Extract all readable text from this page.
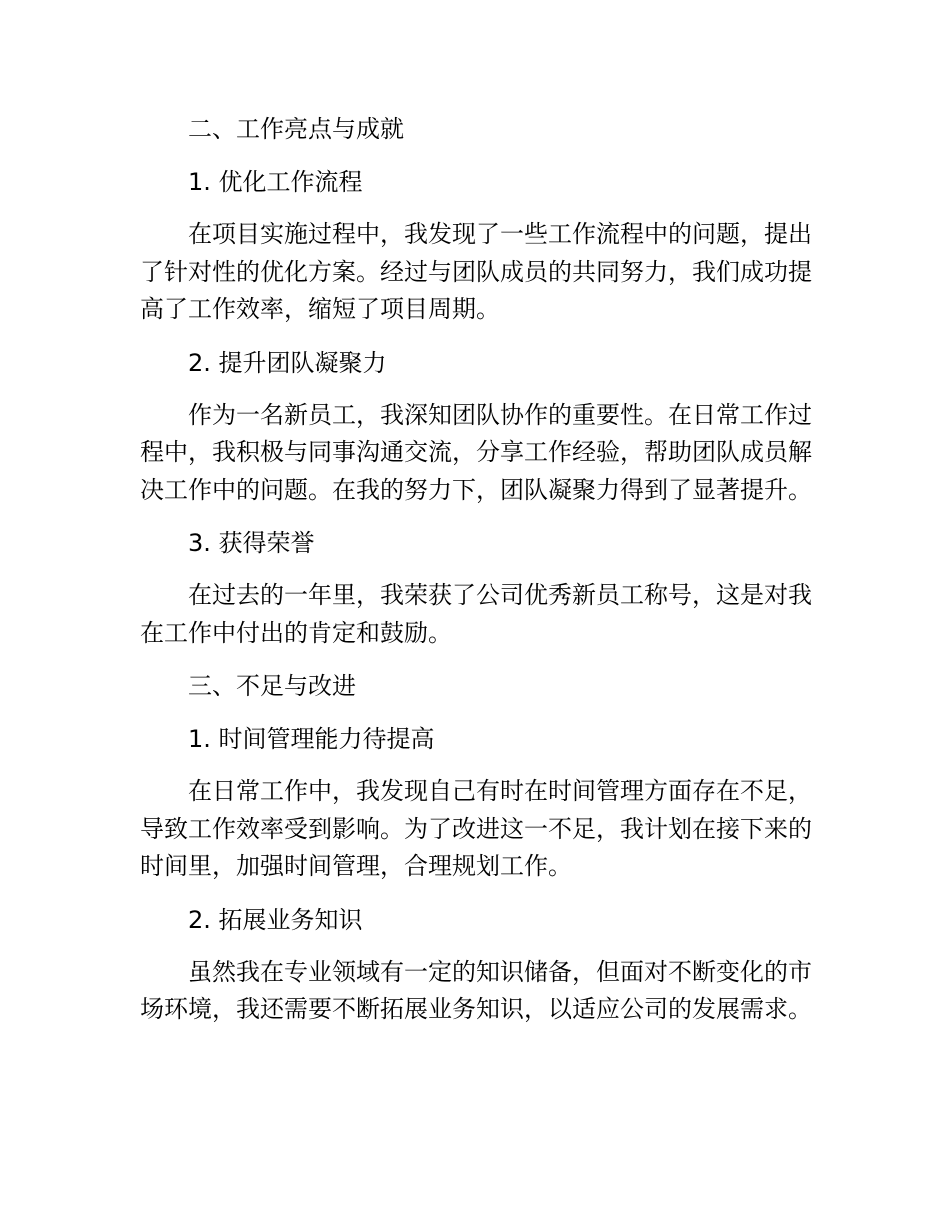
二、工作亮点与成就
1. 优化工作流程
在项目实施过程中，我发现了一些工作流程中的问题，提出了针对性的优化方案。经过与团队成员的共同努力，我们成功提高了工作效率，缩短了项目周期。
2. 提升团队凝聚力
作为一名新员工，我深知团队协作的重要性。在日常工作过程中，我积极与同事沟通交流，分享工作经验，帮助团队成员解决工作中的问题。在我的努力下，团队凝聚力得到了显著提升。
3. 获得荣誉
在过去的一年里，我荣获了公司优秀新员工称号，这是对我在工作中付出的肯定和鼓励。
三、不足与改进
1. 时间管理能力待提高
在日常工作中，我发现自己有时在时间管理方面存在不足，导致工作效率受到影响。为了改进这一不足，我计划在接下来的时间里，加强时间管理，合理规划工作。
2. 拓展业务知识
虽然我在专业领域有一定的知识储备，但面对不断变化的市场环境，我还需要不断拓展业务知识，以适应公司的发展需求。
